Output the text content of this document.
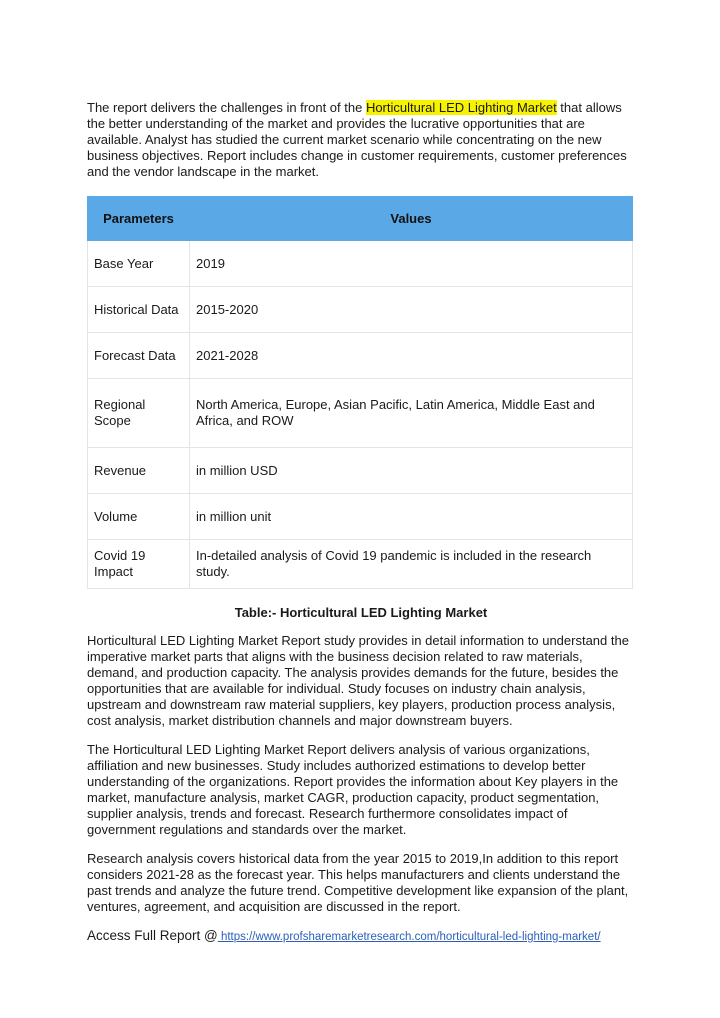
The report delivers the challenges in front of the Horticultural LED Lighting Market that allows the better understanding of the market and provides the lucrative opportunities that are available. Analyst has studied the current market scenario while concentrating on the new business objectives. Report includes change in customer requirements, customer preferences and the vendor landscape in the market.

Parameters	Values
Base Year	2019
Historical Data	2015-2020
Forecast Data	2021-2028
Regional Scope	North America, Europe, Asian Pacific, Latin America, Middle East and Africa, and ROW
Revenue	in million USD
Volume	in million unit
Covid 19 Impact	In-detailed analysis of Covid 19 pandemic is included in the research study.
Table:- Horticultural LED Lighting Market

Horticultural LED Lighting Market Report study provides in detail information to understand the imperative market parts that aligns with the business decision related to raw materials, demand, and production capacity. The analysis provides demands for the future, besides the opportunities that are available for individual. Study focuses on industry chain analysis, upstream and downstream raw material suppliers, key players, production process analysis, cost analysis, market distribution channels and major downstream buyers.

The Horticultural LED Lighting Market Report delivers analysis of various organizations, affiliation and new businesses. Study includes authorized estimations to develop better understanding of the organizations. Report provides the information about Key players in the market, manufacture analysis, market CAGR, production capacity, product segmentation, supplier analysis, trends and forecast. Research furthermore consolidates impact of government regulations and standards over the market.

Research analysis covers historical data from the year 2015 to 2019,In addition to this report considers 2021-28 as the forecast year. This helps manufacturers and clients understand the past trends and analyze the future trend. Competitive development like expansion of the plant, ventures, agreement, and acquisition are discussed in the report.

Access Full Report @ https://www.profsharemarketresearch.com/horticultural-led-lighting-market/
